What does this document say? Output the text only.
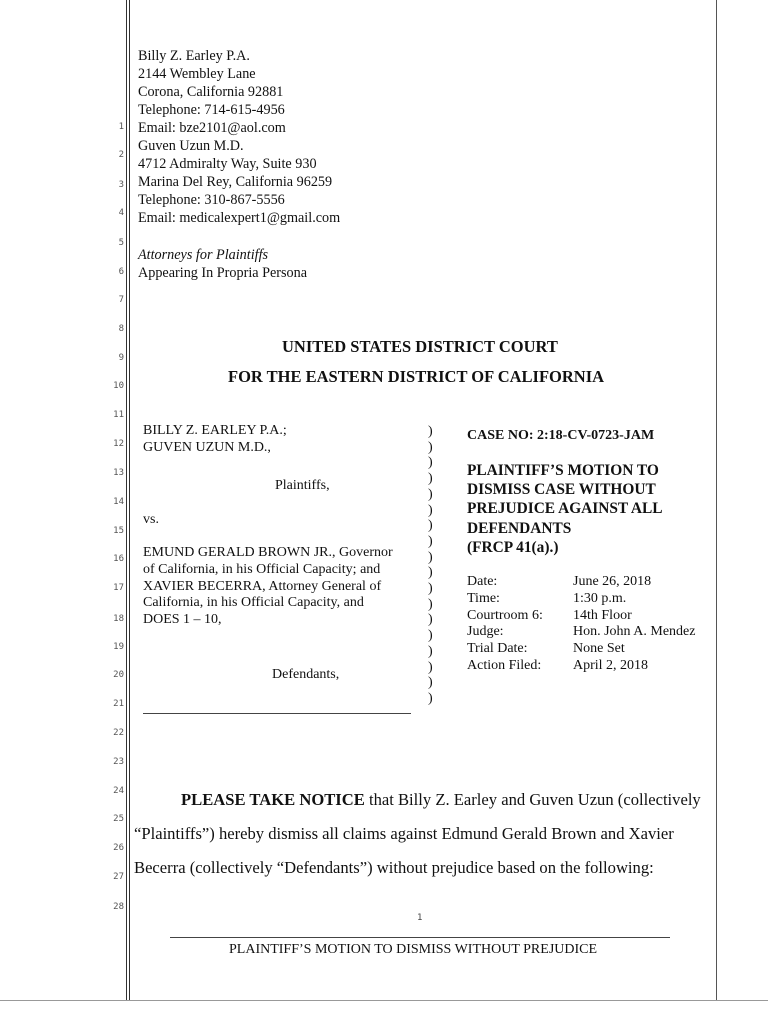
1
2
3
4
5
6
7
8
9
10
11
12
13
14
15
16
17
18
19
20
21
22
23
24
25
26
27
28
Billy Z. Earley P.A.
2144 Wembley Lane
Corona, California 92881
Telephone: 714-615-4956
Email: bze2101@aol.com
Guven Uzun M.D.
4712 Admiralty Way, Suite 930
Marina Del Rey, California 96259
Telephone: 310-867-5556
Email: medicalexpert1@gmail.com
Attorneys for Plaintiffs
Appearing In Propria Persona
UNITED STATES DISTRICT COURT
FOR THE EASTERN DISTRICT OF CALIFORNIA
BILLY Z. EARLEY P.A.;
GUVEN UZUN M.D.,
Plaintiffs,
vs.
EMUND GERALD BROWN JR., Governor
of California, in his Official Capacity; and
XAVIER BECERRA, Attorney General of
California, in his Official Capacity, and
DOES 1 – 10,
Defendants,
)
)
)
)
)
)
)
)
)
)
)
)
)
)
)
)
)
)
CASE NO: 2:18-CV-0723-JAM
PLAINTIFF’S MOTION TO
DISMISS CASE WITHOUT
PREJUDICE AGAINST ALL
DEFENDANTS
(FRCP 41(a).)
Date:	June 26, 2018
Time:	1:30 p.m.
Courtroom 6: 14th Floor
Judge:	Hon. John A. Mendez
Trial Date:	None Set
Action Filed: April 2, 2018
PLEASE TAKE NOTICE that Billy Z. Earley and Guven Uzun (collectively
“Plaintiffs”) hereby dismiss all claims against Edmund Gerald Brown and Xavier
Becerra (collectively “Defendants”) without prejudice based on the following:
1
PLAINTIFF’S MOTION TO DISMISS WITHOUT PREJUDICE
